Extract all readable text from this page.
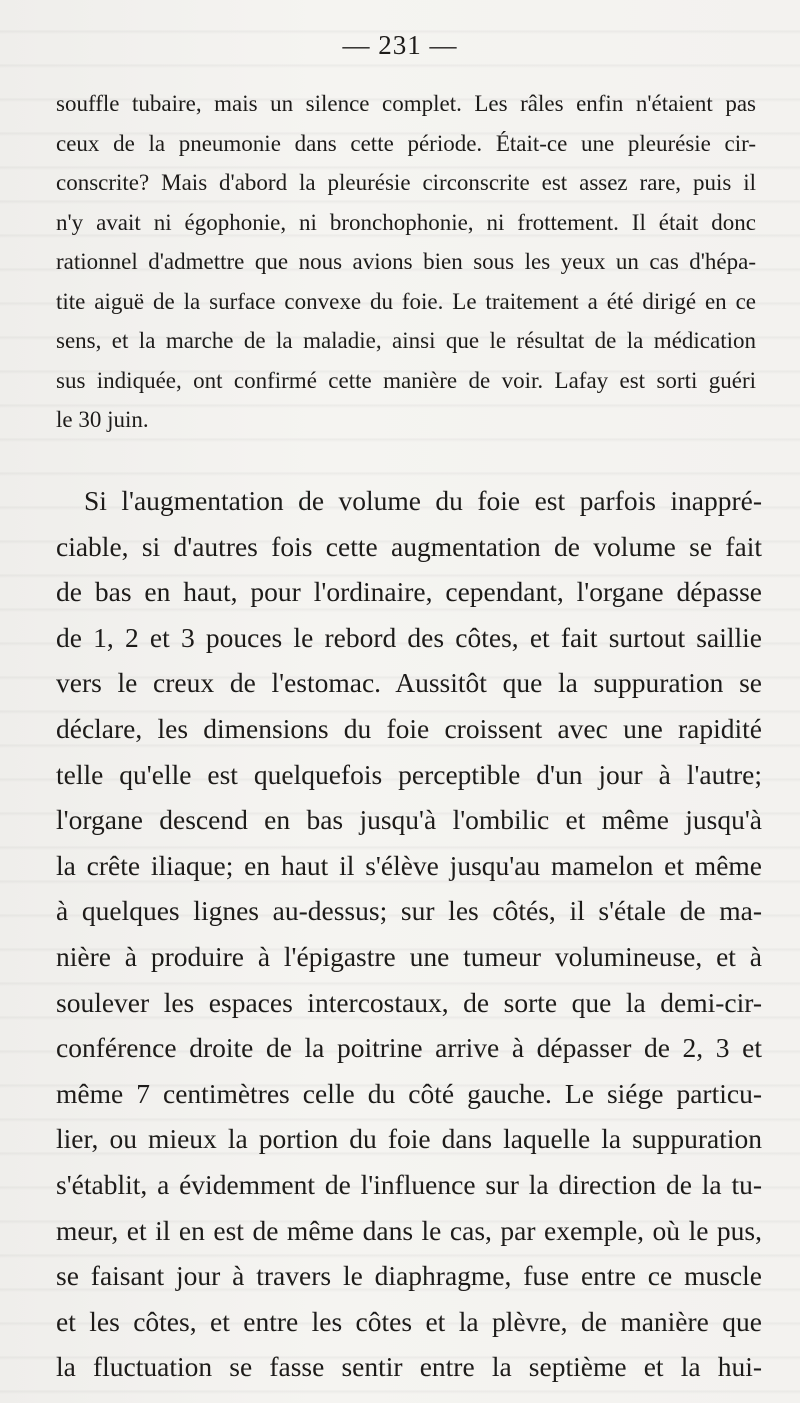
— 231 —
souffle tubaire, mais un silence complet. Les râles enfin n'étaient pas
ceux de la pneumonie dans cette période. Était-ce une pleurésie cir-
conscrite? Mais d'abord la pleurésie circonscrite est assez rare, puis il
n'y avait ni égophonie, ni bronchophonie, ni frottement. Il était donc
rationnel d'admettre que nous avions bien sous les yeux un cas d'hépa-
tite aiguë de la surface convexe du foie. Le traitement a été dirigé en ce
sens, et la marche de la maladie, ainsi que le résultat de la médication
sus indiquée, ont confirmé cette manière de voir. Lafay est sorti guéri
le 30 juin.
Si l'augmentation de volume du foie est parfois inappré-
ciable, si d'autres fois cette augmentation de volume se fait
de bas en haut, pour l'ordinaire, cependant, l'organe dépasse
de 1, 2 et 3 pouces le rebord des côtes, et fait surtout saillie
vers le creux de l'estomac. Aussitôt que la suppuration se
déclare, les dimensions du foie croissent avec une rapidité
telle qu'elle est quelquefois perceptible d'un jour à l'autre;
l'organe descend en bas jusqu'à l'ombilic et même jusqu'à
la crête iliaque; en haut il s'élève jusqu'au mamelon et même
à quelques lignes au-dessus; sur les côtés, il s'étale de ma-
nière à produire à l'épigastre une tumeur volumineuse, et à
soulever les espaces intercostaux, de sorte que la demi-cir-
conférence droite de la poitrine arrive à dépasser de 2, 3 et
même 7 centimètres celle du côté gauche. Le siége particu-
lier, ou mieux la portion du foie dans laquelle la suppuration
s'établit, a évidemment de l'influence sur la direction de la tu-
meur, et il en est de même dans le cas, par exemple, où le pus,
se faisant jour à travers le diaphragme, fuse entre ce muscle
et les côtes, et entre les côtes et la plèvre, de manière que
la fluctuation se fasse sentir entre la septième et la hui-
